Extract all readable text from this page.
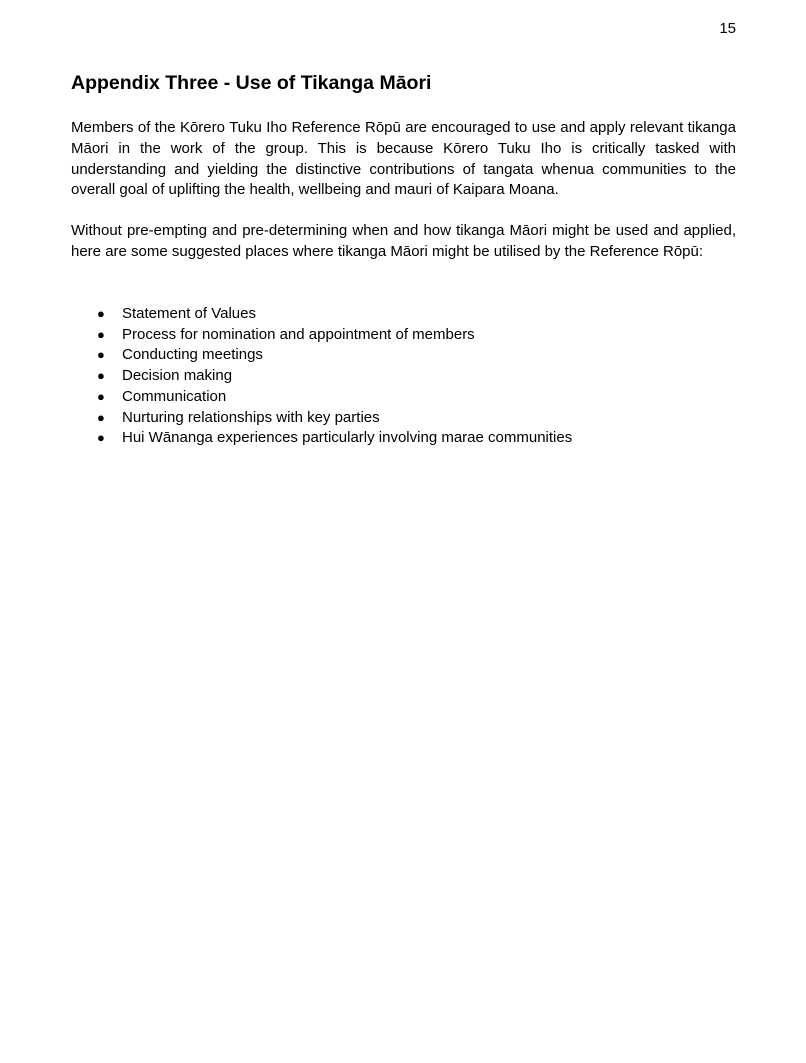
15
Appendix Three - Use of Tikanga Māori

Members of the Kōrero Tuku Iho Reference Rōpū are encouraged to use and apply relevant tikanga Māori in the work of the group. This is because Kōrero Tuku Iho is critically tasked with understanding and yielding the distinctive contributions of tangata whenua communities to the overall goal of uplifting the health, wellbeing and mauri of Kaipara Moana.

Without pre-empting and pre-determining when and how tikanga Māori might be used and applied, here are some suggested places where tikanga Māori might be utilised by the Reference Rōpū:

● Statement of Values
● Process for nomination and appointment of members
● Conducting meetings
● Decision making
● Communication
● Nurturing relationships with key parties
● Hui Wānanga experiences particularly involving marae communities
